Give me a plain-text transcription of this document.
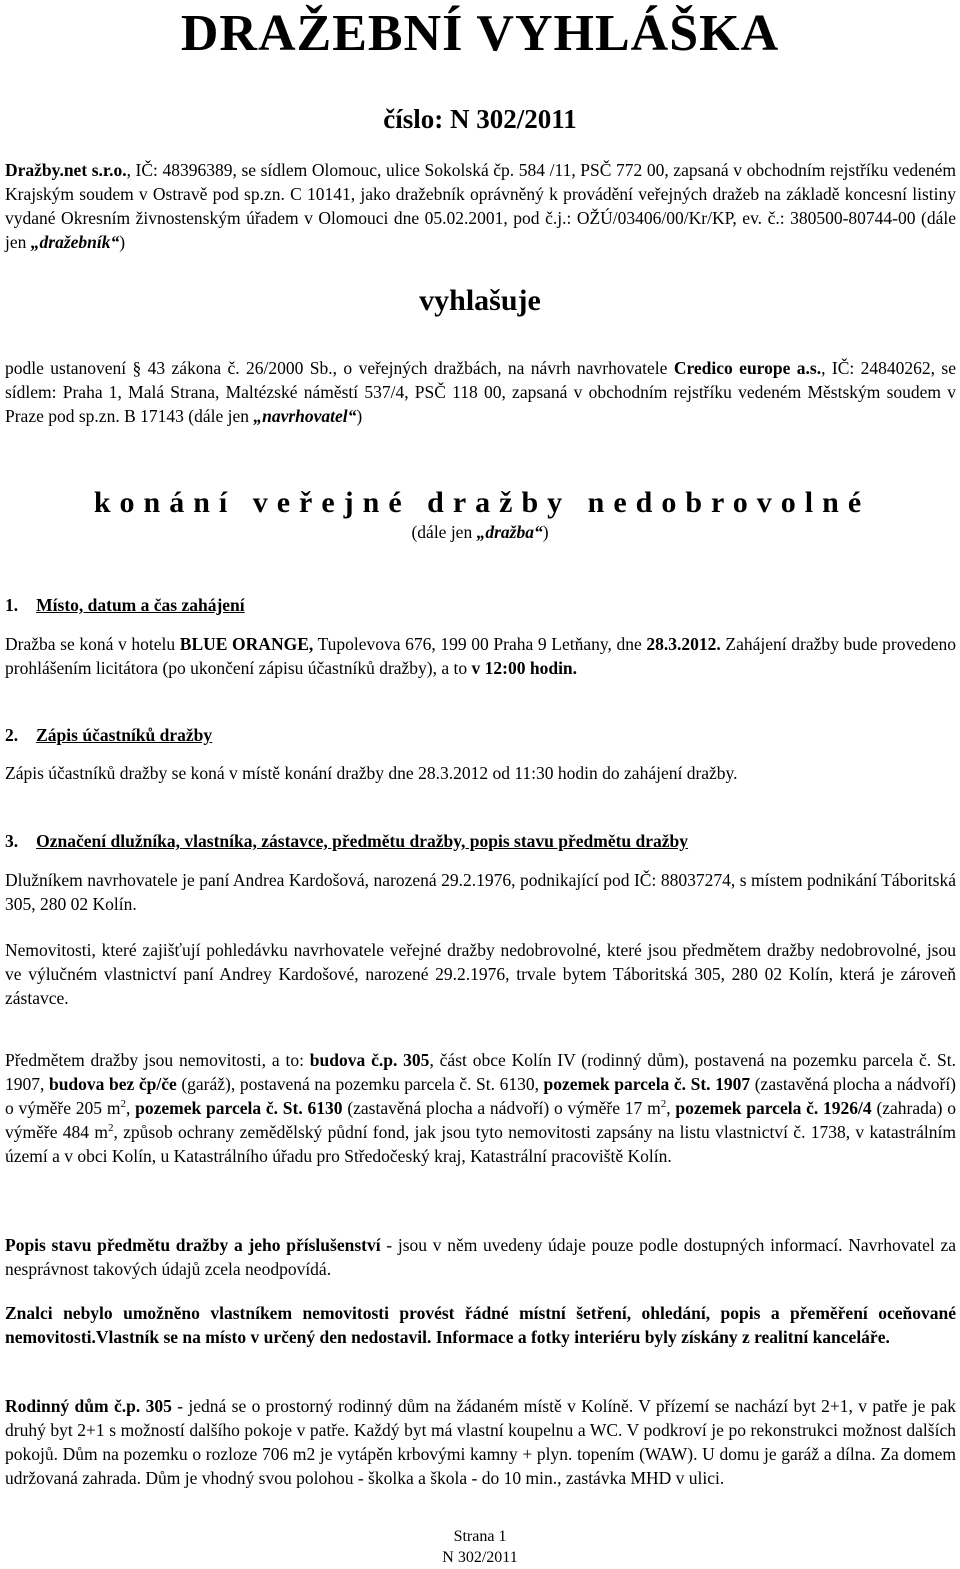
DRAŽEBNÍ VYHLÁŠKA
číslo: N 302/2011
Dražby.net s.r.o., IČ: 48396389, se sídlem Olomouc, ulice Sokolská čp. 584 /11, PSČ 772 00, zapsaná v obchodním rejstříku vedeném Krajským soudem v Ostravě pod sp.zn. C 10141, jako dražebník oprávněný k provádění veřejných dražeb na základě koncesní listiny vydané Okresním živnostenským úřadem v Olomouci dne 05.02.2001, pod č.j.: OŽÚ/03406/00/Kr/KP, ev. č.: 380500-80744-00 (dále jen „dražebník“)
vyhlašuje
podle ustanovení § 43 zákona č. 26/2000 Sb., o veřejných dražbách, na návrh navrhovatele Credico europe a.s., IČ: 24840262, se sídlem: Praha 1, Malá Strana, Maltézské náměstí 537/4, PSČ 118 00, zapsaná v obchodním rejstříku vedeném Městským soudem v Praze pod sp.zn. B 17143 (dále jen „navrhovatel“)
konání veřejné dražby nedobrovolné
(dále jen „dražba“)
1. Místo, datum a čas zahájení
Dražba se koná v hotelu BLUE ORANGE, Tupolevova 676, 199 00 Praha 9 Letňany, dne 28.3.2012. Zahájení dražby bude provedeno prohlášením licitátora (po ukončení zápisu účastníků dražby), a to v 12:00 hodin.
2. Zápis účastníků dražby
Zápis účastníků dražby se koná v místě konání dražby dne 28.3.2012 od 11:30 hodin do zahájení dražby.
3. Označení dlužníka, vlastníka, zástavce, předmětu dražby, popis stavu předmětu dražby
Dlužníkem navrhovatele je paní Andrea Kardošová, narozená 29.2.1976, podnikající pod IČ: 88037274, s místem podnikání Táboritská 305, 280 02 Kolín.
Nemovitosti, které zajišťují pohledávku navrhovatele veřejné dražby nedobrovolné, které jsou předmětem dražby nedobrovolné, jsou ve výlučném vlastnictví paní Andrey Kardošové, narozené 29.2.1976, trvale bytem Táboritská 305, 280 02 Kolín, která je zároveň zástavce.
Předmětem dražby jsou nemovitosti, a to: budova č.p. 305, část obce Kolín IV (rodinný dům), postavená na pozemku parcela č. St. 1907, budova bez čp/če (garáž), postavená na pozemku parcela č. St. 6130, pozemek parcela č. St. 1907 (zastavěná plocha a nádvoří) o výměře 205 $m^2$, pozemek parcela č. St. 6130 (zastavěná plocha a nádvoří) o výměře 17 $m^2$, pozemek parcela č. 1926/4 (zahrada) o výměře 484 $m^2$, způsob ochrany zemědělský půdní fond, jak jsou tyto nemovitosti zapsány na listu vlastnictví č. 1738, v katastrálním území a v obci Kolín, u Katastrálního úřadu pro Středočeský kraj, Katastrální pracoviště Kolín.
Popis stavu předmětu dražby a jeho příslušenství - jsou v něm uvedeny údaje pouze podle dostupných informací. Navrhovatel za nesprávnost takových údajů zcela neodpovídá.
Znalci nebylo umožněno vlastníkem nemovitosti provést řádné místní šetření, ohledání, popis a přeměření oceňované nemovitosti.Vlastník se na místo v určený den nedostavil. Informace a fotky interiéru byly získány z realitní kanceláře.
Rodinný dům č.p. 305 - jedná se o prostorný rodinný dům na žádaném místě v Kolíně. V přízemí se nachází byt 2+1, v patře je pak druhý byt 2+1 s možností dalšího pokoje v patře. Každý byt má vlastní koupelnu a WC. V podkroví je po rekonstrukci možnost dalších pokojů. Dům na pozemku o rozloze 706 m2 je vytápěn krbovými kamny + plyn. topením (WAW). U domu je garáž a dílna. Za domem udržovaná zahrada. Dům je vhodný svou polohou - školka a škola - do 10 min., zastávka MHD v ulici.
Strana 1
N 302/2011
